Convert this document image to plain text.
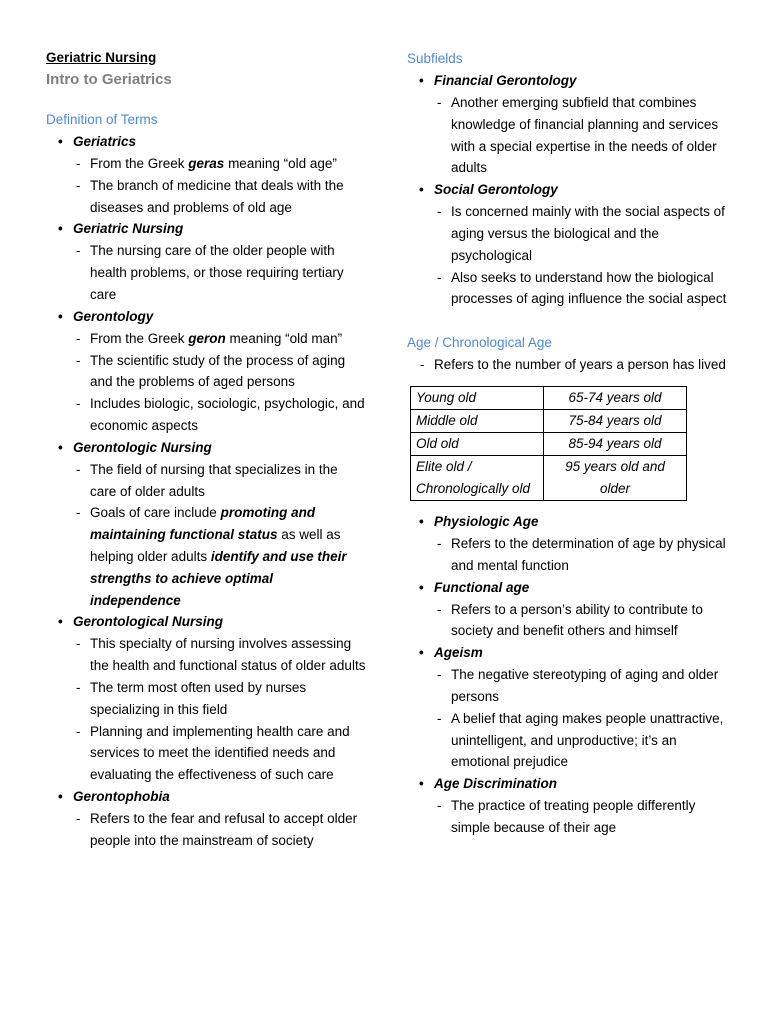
Geriatric Nursing
Intro to Geriatrics
Definition of Terms
• Geriatrics
- From the Greek geras meaning “old age”
- The branch of medicine that deals with the diseases and problems of old age
• Geriatric Nursing
- The nursing care of the older people with health problems, or those requiring tertiary care
• Gerontology
- From the Greek geron meaning “old man”
- The scientific study of the process of aging and the problems of aged persons
- Includes biologic, sociologic, psychologic, and economic aspects
• Gerontologic Nursing
- The field of nursing that specializes in the care of older adults
- Goals of care include promoting and maintaining functional status as well as helping older adults identify and use their strengths to achieve optimal independence
• Gerontological Nursing
- This specialty of nursing involves assessing the health and functional status of older adults
- The term most often used by nurses specializing in this field
- Planning and implementing health care and services to meet the identified needs and evaluating the effectiveness of such care
• Gerontophobia
- Refers to the fear and refusal to accept older people into the mainstream of society
Subfields
• Financial Gerontology
- Another emerging subfield that combines knowledge of financial planning and services with a special expertise in the needs of older adults
• Social Gerontology
- Is concerned mainly with the social aspects of aging versus the biological and the psychological
- Also seeks to understand how the biological processes of aging influence the social aspect
Age / Chronological Age
- Refers to the number of years a person has lived
Young old	65-74 years old
Middle old	75-84 years old
Old old	85-94 years old
Elite old / Chronologically old	95 years old and older
• Physiologic Age
- Refers to the determination of age by physical and mental function
• Functional age
- Refers to a person’s ability to contribute to society and benefit others and himself
• Ageism
- The negative stereotyping of aging and older persons
- A belief that aging makes people unattractive, unintelligent, and unproductive; it’s an emotional prejudice
• Age Discrimination
- The practice of treating people differently simple because of their age
